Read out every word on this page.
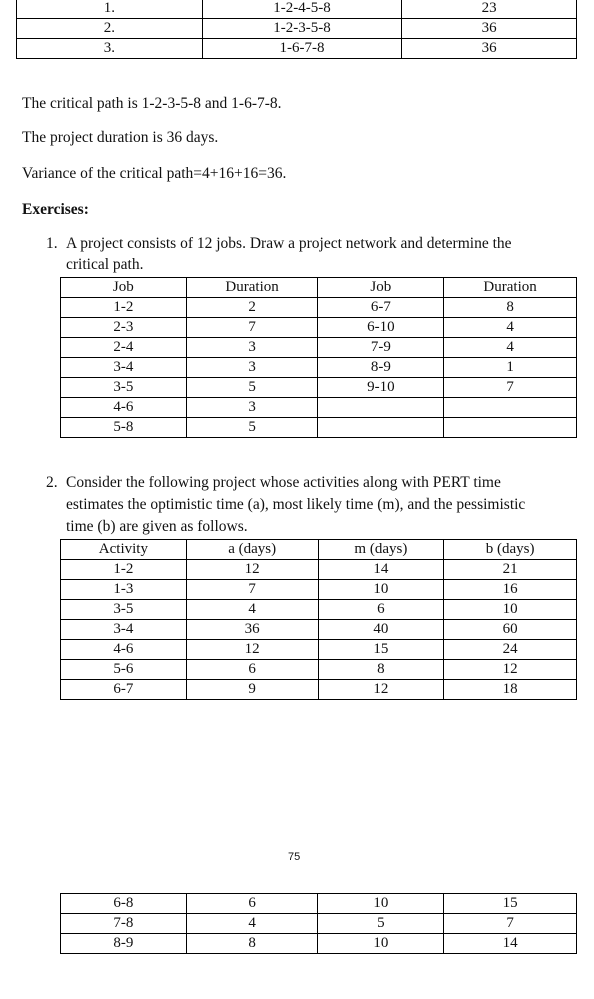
1.	1-2-4-5-8	23
2.	1-2-3-5-8	36
3.	1-6-7-8	36
The critical path is 1-2-3-5-8 and 1-6-7-8.
The project duration is 36 days.
Variance of the critical path=4+16+16=36.
Exercises:
1. A project consists of 12 jobs. Draw a project network and determine the
critical path.
Job	Duration	Job	Duration
1-2	2	6-7	8
2-3	7	6-10	4
2-4	3	7-9	4
3-4	3	8-9	1
3-5	5	9-10	7
4-6	3		
5-8	5		
2. Consider the following project whose activities along with PERT time
estimates the optimistic time (a), most likely time (m), and the pessimistic
time (b) are given as follows.
Activity	a (days)	m (days)	b (days)
1-2	12	14	21
1-3	7	10	16
3-5	4	6	10
3-4	36	40	60
4-6	12	15	24
5-6	6	8	12
6-7	9	12	18
75
6-8	6	10	15
7-8	4	5	7
8-9	8	10	14
